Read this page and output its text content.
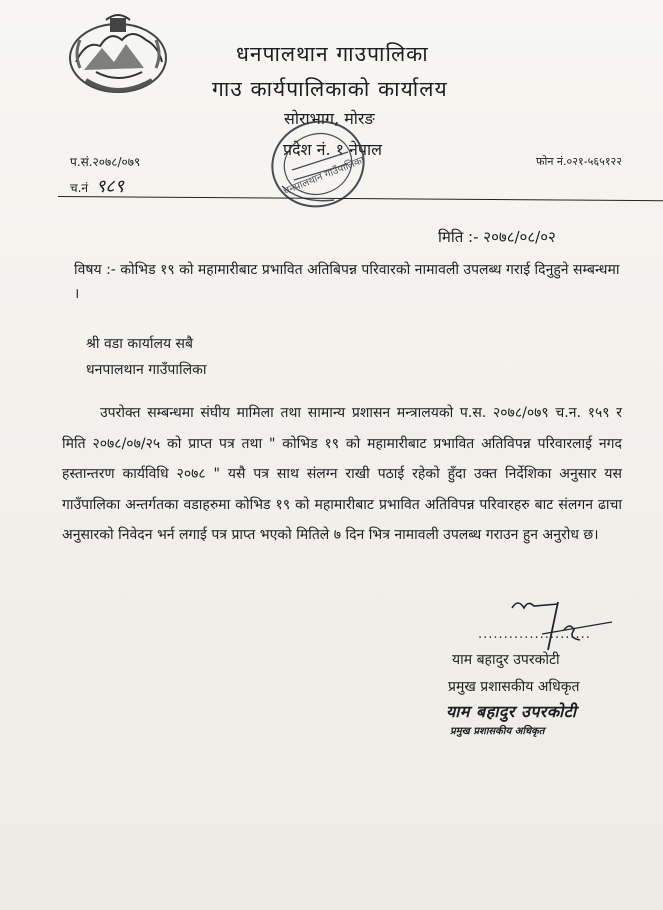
धनपालथान गाउपालिका
गाउ कार्यपालिकाको कार्यालय
सोराभाग, मोरङ
प्रदेश नं. १ नेपाल
धनपालथान गाउँपालिका
प.सं.२०७८/०७९
च.नं ९८९
फोन नं.०२१-५६५१२२
मिति :- २०७८/०८/०२
विषय :- कोभिड १९ को महामारीबाट प्रभावित अतिबिपन्न परिवारको नामावली उपलब्ध गराई दिनुहुने सम्बन्धमा ।
श्री वडा कार्यालय सबै
धनपालथान गाउँपालिका
उपरोक्त सम्बन्धमा संघीय मामिला तथा सामान्य प्रशासन मन्त्रालयको प.स. २०७८/०७९ च.न. १५९ र मिति २०७८/०७/२५ को प्राप्त पत्र तथा " कोभिड १९ को महामारीबाट प्रभावित अतिविपन्न परिवारलाई नगद हस्तान्तरण कार्यविधि २०७८ " यसै पत्र साथ संलग्न राखी पठाई रहेको हुँदा उक्त निर्देशिका अनुसार यस गाउँपालिका अन्तर्गतका वडाहरुमा कोभिड १९ को महामारीबाट प्रभावित अतिविपन्न परिवारहरु बाट संलगन ढाचा अनुसारको निवेदन भर्न लगाई पत्र प्राप्त भएको मितिले ७ दिन भित्र नामावली उपलब्ध गराउन हुन अनुरोध छ।
......................
याम बहादुर उपरकोटी
प्रमुख प्रशासकीय अधिकृत
याम बहादुर उपरकोटी
प्रमुख प्रशासकीय अधिकृत
